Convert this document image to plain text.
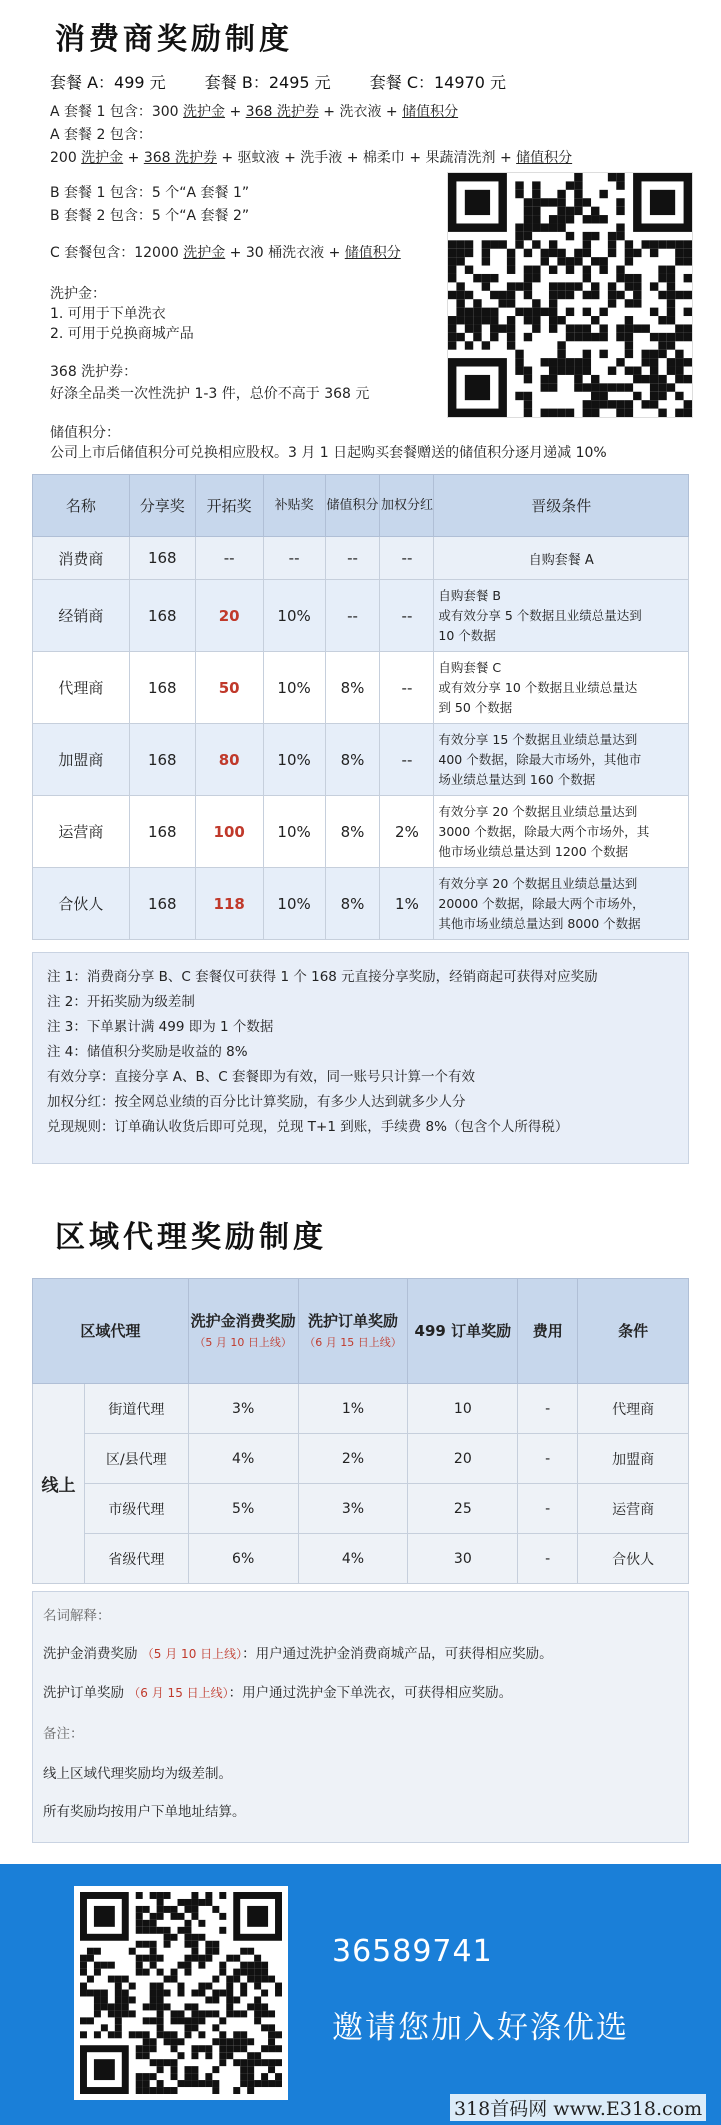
消费商奖励制度
套餐 A：499 元 套餐 B：2495 元 套餐 C：14970 元
A 套餐 1 包含：300 洗护金 + 368 洗护券 + 洗衣液 + 储值积分
A 套餐 2 包含：
200 洗护金 + 368 洗护券 + 驱蚊液 + 洗手液 + 棉柔巾 + 果蔬清洗剂 + 储值积分
B 套餐 1 包含：5 个“A 套餐 1”
B 套餐 2 包含：5 个“A 套餐 2”
C 套餐包含：12000 洗护金 + 30 桶洗衣液 + 储值积分
洗护金：
1. 可用于下单洗衣
2. 可用于兑换商城产品
368 洗护券：
好涤全品类一次性洗护 1-3 件，总价不高于 368 元
储值积分：
公司上市后储值积分可兑换相应股权。3 月 1 日起购买套餐赠送的储值积分逐月递减 10%
名称	分享奖	开拓奖	补贴奖	储值积分	加权分红	晋级条件
消费商	168	--	--	--	--	自购套餐 A
经销商	168	20	10%	--	--	自购套餐 B
或有效分享 5 个数据且业绩总量达到
10 个数据

代理商	168	50	10%	8%	--	自购套餐 C
或有效分享 10 个数据且业绩总量达
到 50 个数据

加盟商	168	80	10%	8%	--	有效分享 15 个数据且业绩总量达到
400 个数据，除最大市场外，其他市
场业绩总量达到 160 个数据

运营商	168	100	10%	8%	2%	有效分享 20 个数据且业绩总量达到
3000 个数据，除最大两个市场外，其
他市场业绩总量达到 1200 个数据

合伙人	168	118	10%	8%	1%	有效分享 20 个数据且业绩总量达到
20000 个数据，除最大两个市场外，
其他市场业绩总量达到 8000 个数据
注 1：消费商分享 B、C 套餐仅可获得 1 个 168 元直接分享奖励，经销商起可获得对应奖励
注 2：开拓奖励为级差制
注 3：下单累计满 499 即为 1 个数据
注 4：储值积分奖励是收益的 8%
有效分享：直接分享 A、B、C 套餐即为有效，同一账号只计算一个有效
加权分红：按全网总业绩的百分比计算奖励，有多少人达到就多少人分
兑现规则：订单确认收货后即可兑现，兑现 T+1 到账，手续费 8%（包含个人所得税）
区域代理奖励制度
区域代理		洗护金消费奖励
（5 月 10 日上线）	洗护订单奖励
（6 月 15 日上线）	499 订单奖励	费用	条件
线上	街道代理	3%	1%	10	-	代理商
	区/县代理	4%	2%	20	-	加盟商
	市级代理	5%	3%	25	-	运营商
	省级代理	6%	4%	30	-	合伙人
名词解释：
洗护金消费奖励 （5 月 10 日上线）：用户通过洗护金消费商城产品，可获得相应奖励。
洗护订单奖励 （6 月 15 日上线）：用户通过洗护金下单洗衣，可获得相应奖励。
备注：
线上区域代理奖励均为级差制。
所有奖励均按用户下单地址结算。
36589741
邀请您加入好涤优选
318首码网 www.E318.com
